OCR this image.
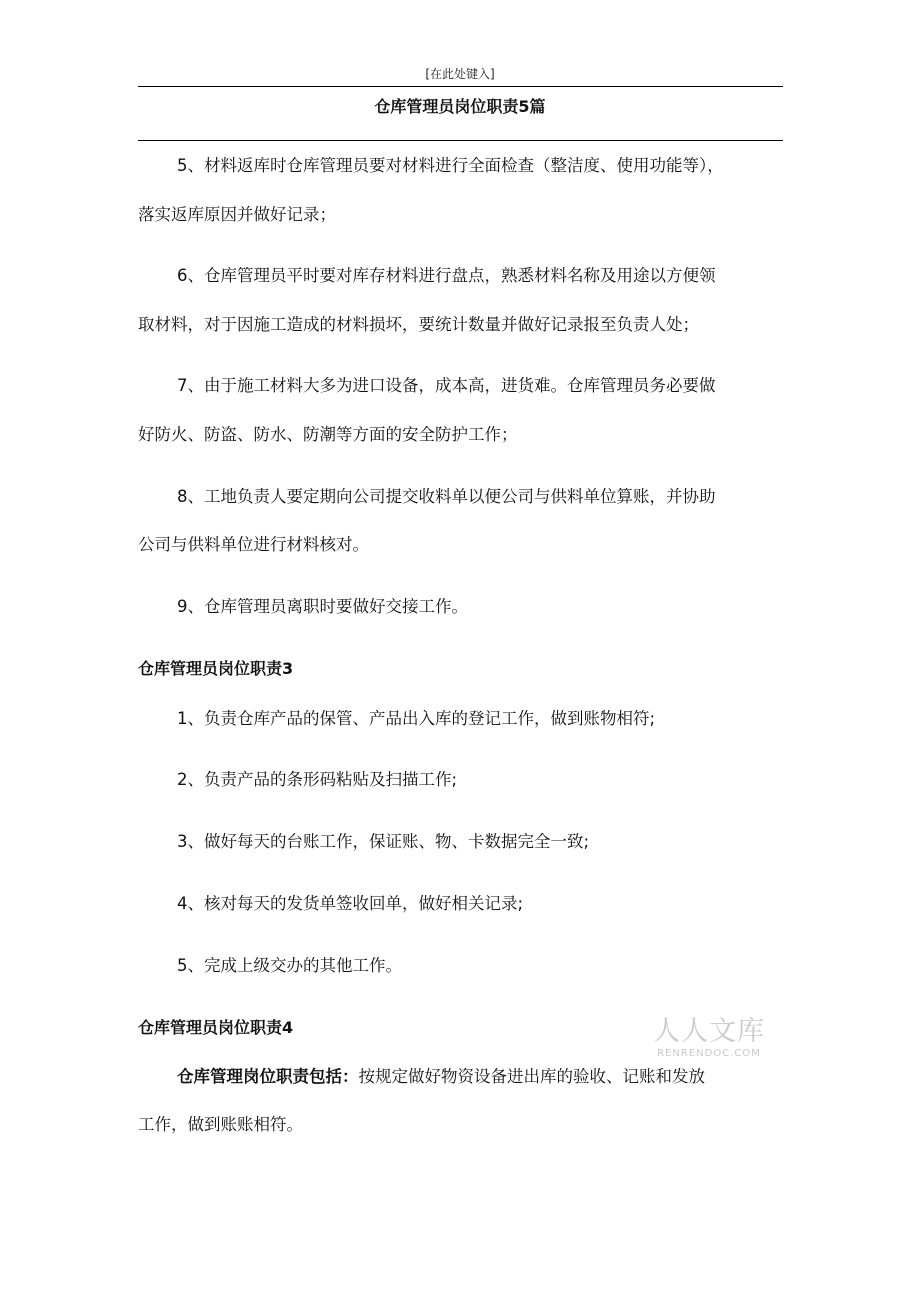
[在此处键入]
仓库管理员岗位职责5篇
5、材料返库时仓库管理员要对材料进行全面检查（整洁度、使用功能等），
落实返库原因并做好记录；
6、仓库管理员平时要对库存材料进行盘点，熟悉材料名称及用途以方便领
取材料，对于因施工造成的材料损坏，要统计数量并做好记录报至负责人处；
7、由于施工材料大多为进口设备，成本高，进货难。仓库管理员务必要做
好防火、防盗、防水、防潮等方面的安全防护工作；
8、工地负责人要定期向公司提交收料单以便公司与供料单位算账，并协助
公司与供料单位进行材料核对。
9、仓库管理员离职时要做好交接工作。
仓库管理员岗位职责3
1、负责仓库产品的保管、产品出入库的登记工作，做到账物相符;
2、负责产品的条形码粘贴及扫描工作;
3、做好每天的台账工作，保证账、物、卡数据完全一致;
4、核对每天的发货单签收回单，做好相关记录;
5、完成上级交办的其他工作。
仓库管理员岗位职责4
仓库管理岗位职责包括：按规定做好物资设备进出库的验收、记账和发放
工作，做到账账相符。
人人文库
RENRENDOC.COM
